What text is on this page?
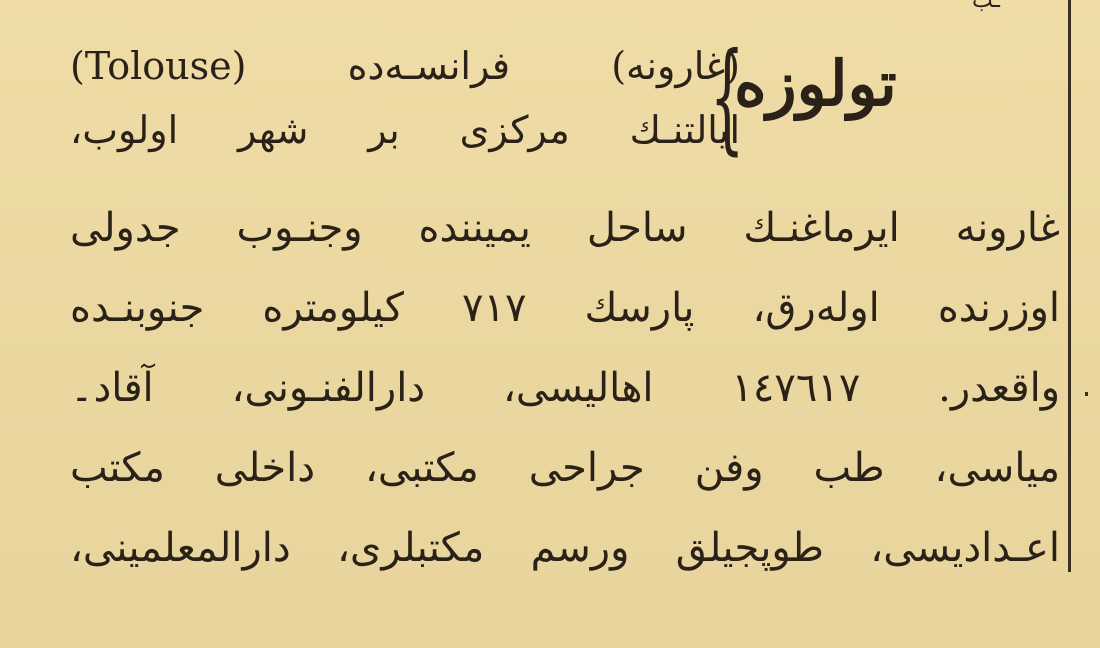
ـب
تولوزه
{
(غارونه) فرانسـه‌ده (Tolouse)
ایالتنـك مركزی بر شهر اولوب،
غارونه ایرماغنـك ساحل یمیننده وجنـوب جدولی
اوزرنده اوله‌رق، پارسك ۷۱۷ كیلومتره جنوبنـده
واقعدر. ۱٤۷٦۱۷ اهالیسی، دارالفنـونی، آقاد۔
میاسی، طب وفن جراحی مكتبی، داخلی مكتب
اعـدادیسی، طوپجیلق ورسم مكتبلری، دارالمعلمینی،
